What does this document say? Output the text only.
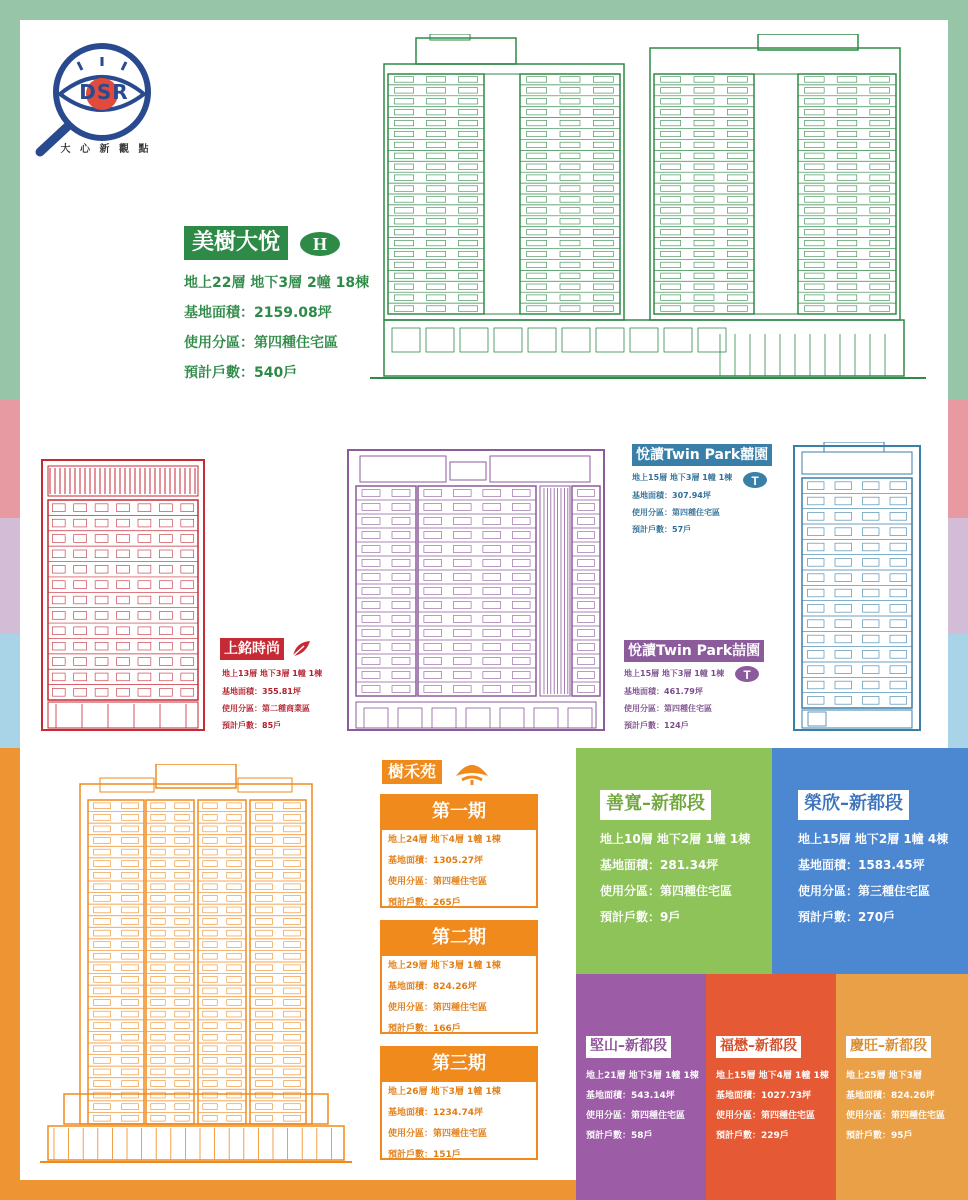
DSR
大 心 新 觀 點
美樹大悅	H
地上22層 地下3層 2幢 18棟
基地面積：2159.08坪
使用分區：第四種住宅區
預計戶數：540戶
上銘時尚
地上13層 地下3層 1幢 1棟
基地面積：355.81坪
使用分區：第二種商業區
預計戶數：85戶
悅讀Twin Park囍園
T
地上15層 地下3層 1幢 1棟
基地面積：307.94坪
使用分區：第四種住宅區
預計戶數：57戶
悅讀Twin Park喆園
T
地上15層 地下3層 1幢 1棟
基地面積：461.79坪
使用分區：第四種住宅區
預計戶數：124戶
樹禾苑
第一期
地上24層 地下4層 1幢 1棟
基地面積：1305.27坪
使用分區：第四種住宅區
預計戶數：265戶
第二期
地上29層 地下3層 1幢 1棟
基地面積：824.26坪
使用分區：第四種住宅區
預計戶數：166戶
第三期
地上26層 地下3層 1幢 1棟
基地面積：1234.74坪
使用分區：第四種住宅區
預計戶數：151戶
善寬–新都段
地上10層 地下2層 1幢 1棟
基地面積：281.34坪
使用分區：第四種住宅區
預計戶數：9戶
榮欣–新都段
地上15層 地下2層 1幢 4棟
基地面積：1583.45坪
使用分區：第三種住宅區
預計戶數：270戶
堅山–新都段
地上21層 地下3層 1幢 1棟
基地面積：543.14坪
使用分區：第四種住宅區
預計戶數：58戶
福懋–新都段
地上15層 地下4層 1幢 1棟
基地面積：1027.73坪
使用分區：第四種住宅區
預計戶數：229戶
慶旺–新都段
地上25層 地下3層
基地面積：824.26坪
使用分區：第四種住宅區
預計戶數：95戶
